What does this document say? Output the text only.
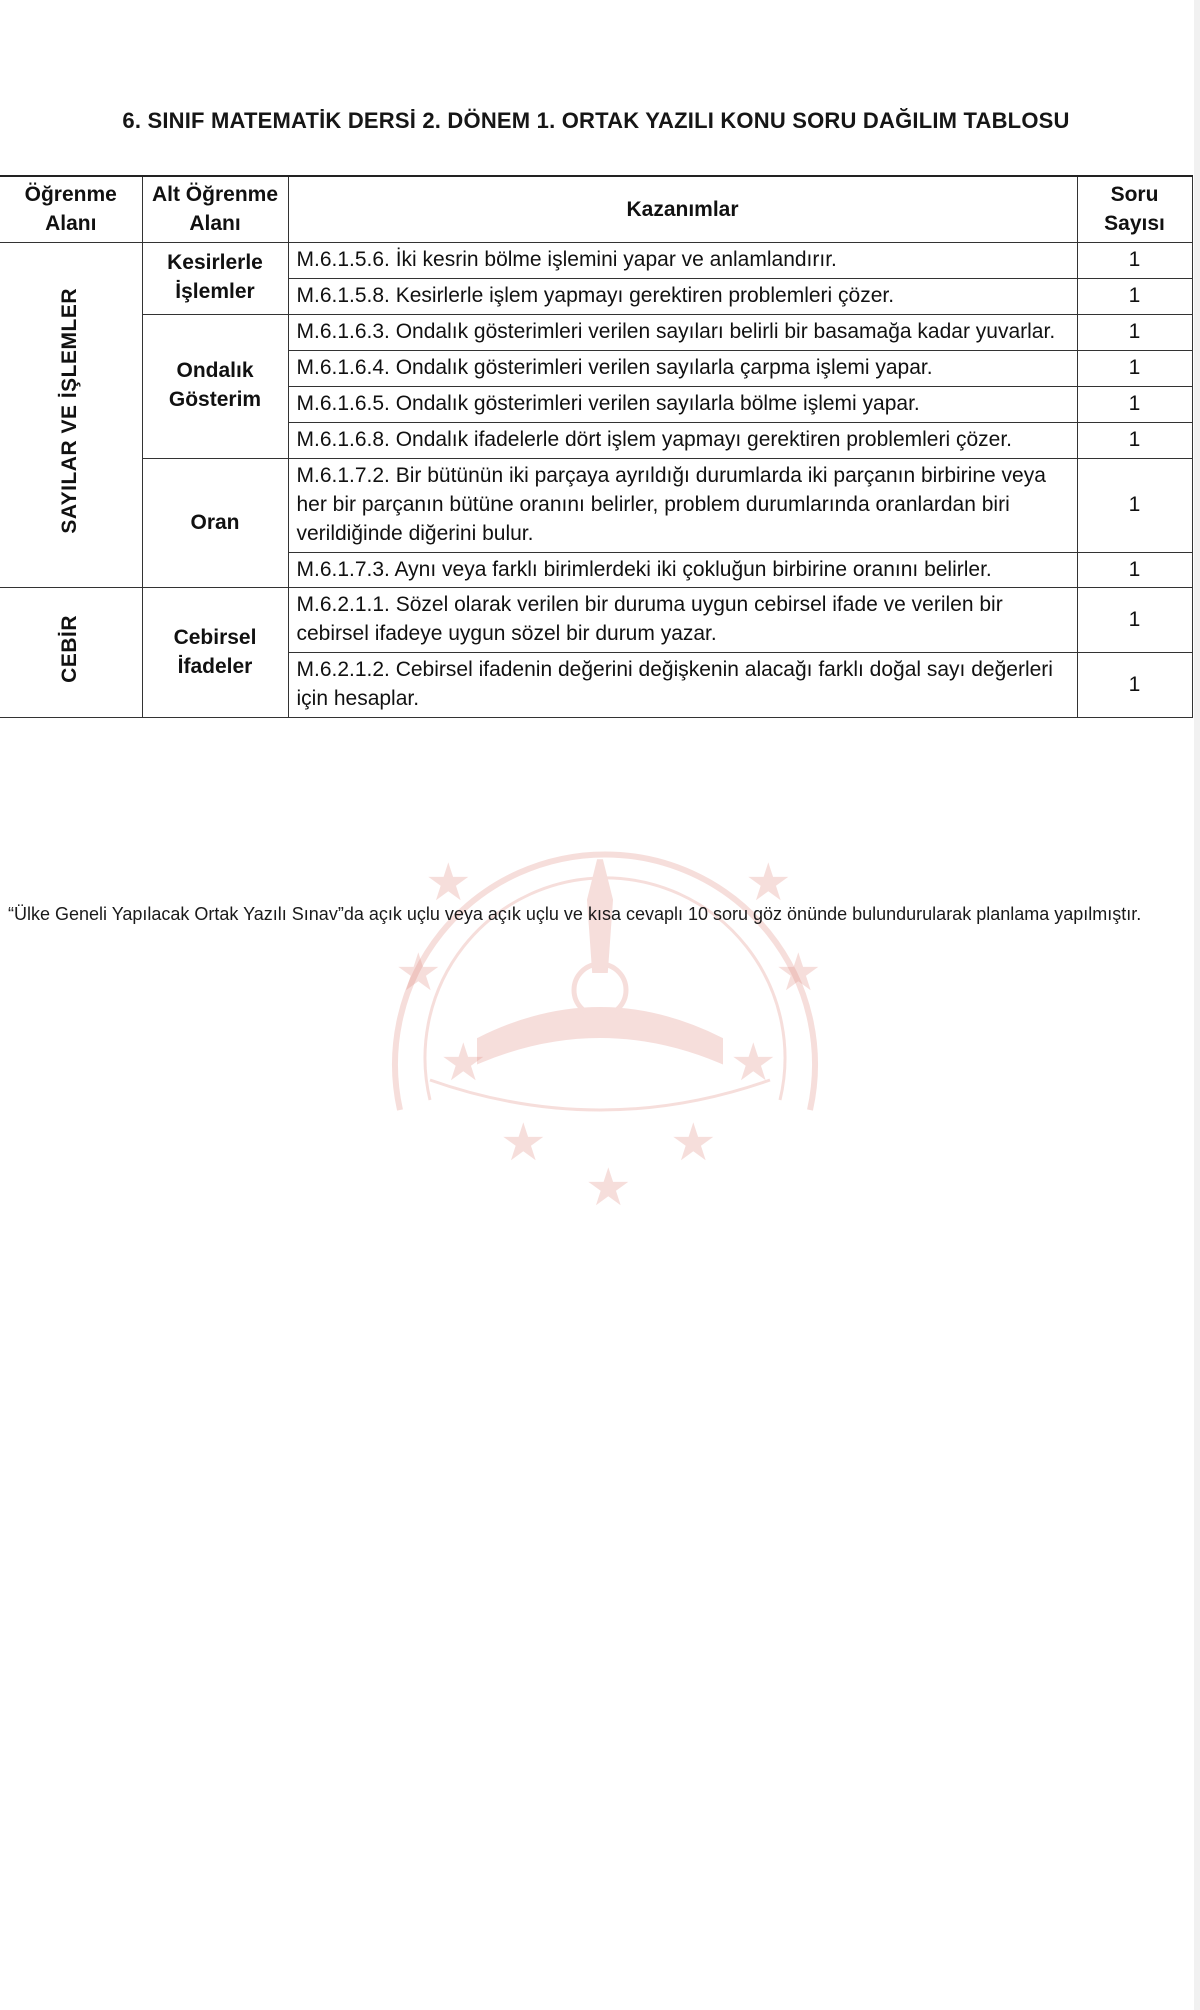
★	★
★	★
★	★
★ ★
★
6. SINIF MATEMATİK DERSİ 2. DÖNEM 1. ORTAK YAZILI KONU SORU DAĞILIM TABLOSU
Öğrenme Alanı	Alt Öğrenme Alanı	Kazanımlar	Soru Sayısı
SAYILAR VE İŞLEMLER	Kesirlerle İşlemler	M.6.1.5.6. İki kesrin bölme işlemini yapar ve anlamlandırır.	1
		M.6.1.5.8. Kesirlerle işlem yapmayı gerektiren problemleri çözer.	1
	Ondalık Gösterim	M.6.1.6.3. Ondalık gösterimleri verilen sayıları belirli bir basamağa kadar yuvarlar.	1
		M.6.1.6.4. Ondalık gösterimleri verilen sayılarla çarpma işlemi yapar.	1
		M.6.1.6.5. Ondalık gösterimleri verilen sayılarla bölme işlemi yapar.	1
		M.6.1.6.8. Ondalık ifadelerle dört işlem yapmayı gerektiren problemleri çözer.	1
	Oran	M.6.1.7.2. Bir bütünün iki parçaya ayrıldığı durumlarda iki parçanın birbirine veya her bir parçanın bütüne oranını belirler, problem durumlarında oranlardan biri verildiğinde diğerini bulur.	1
		M.6.1.7.3. Aynı veya farklı birimlerdeki iki çokluğun birbirine oranını belirler.	1
CEBİR	Cebirsel İfadeler	M.6.2.1.1. Sözel olarak verilen bir duruma uygun cebirsel ifade ve verilen bir cebirsel ifadeye uygun sözel bir durum yazar.	1
		M.6.2.1.2. Cebirsel ifadenin değerini değişkenin alacağı farklı doğal sayı değerleri için hesaplar.	1
“Ülke Geneli Yapılacak Ortak Yazılı Sınav”da açık uçlu veya açık uçlu ve kısa cevaplı 10 soru göz önünde bulundurularak planlama yapılmıştır.
